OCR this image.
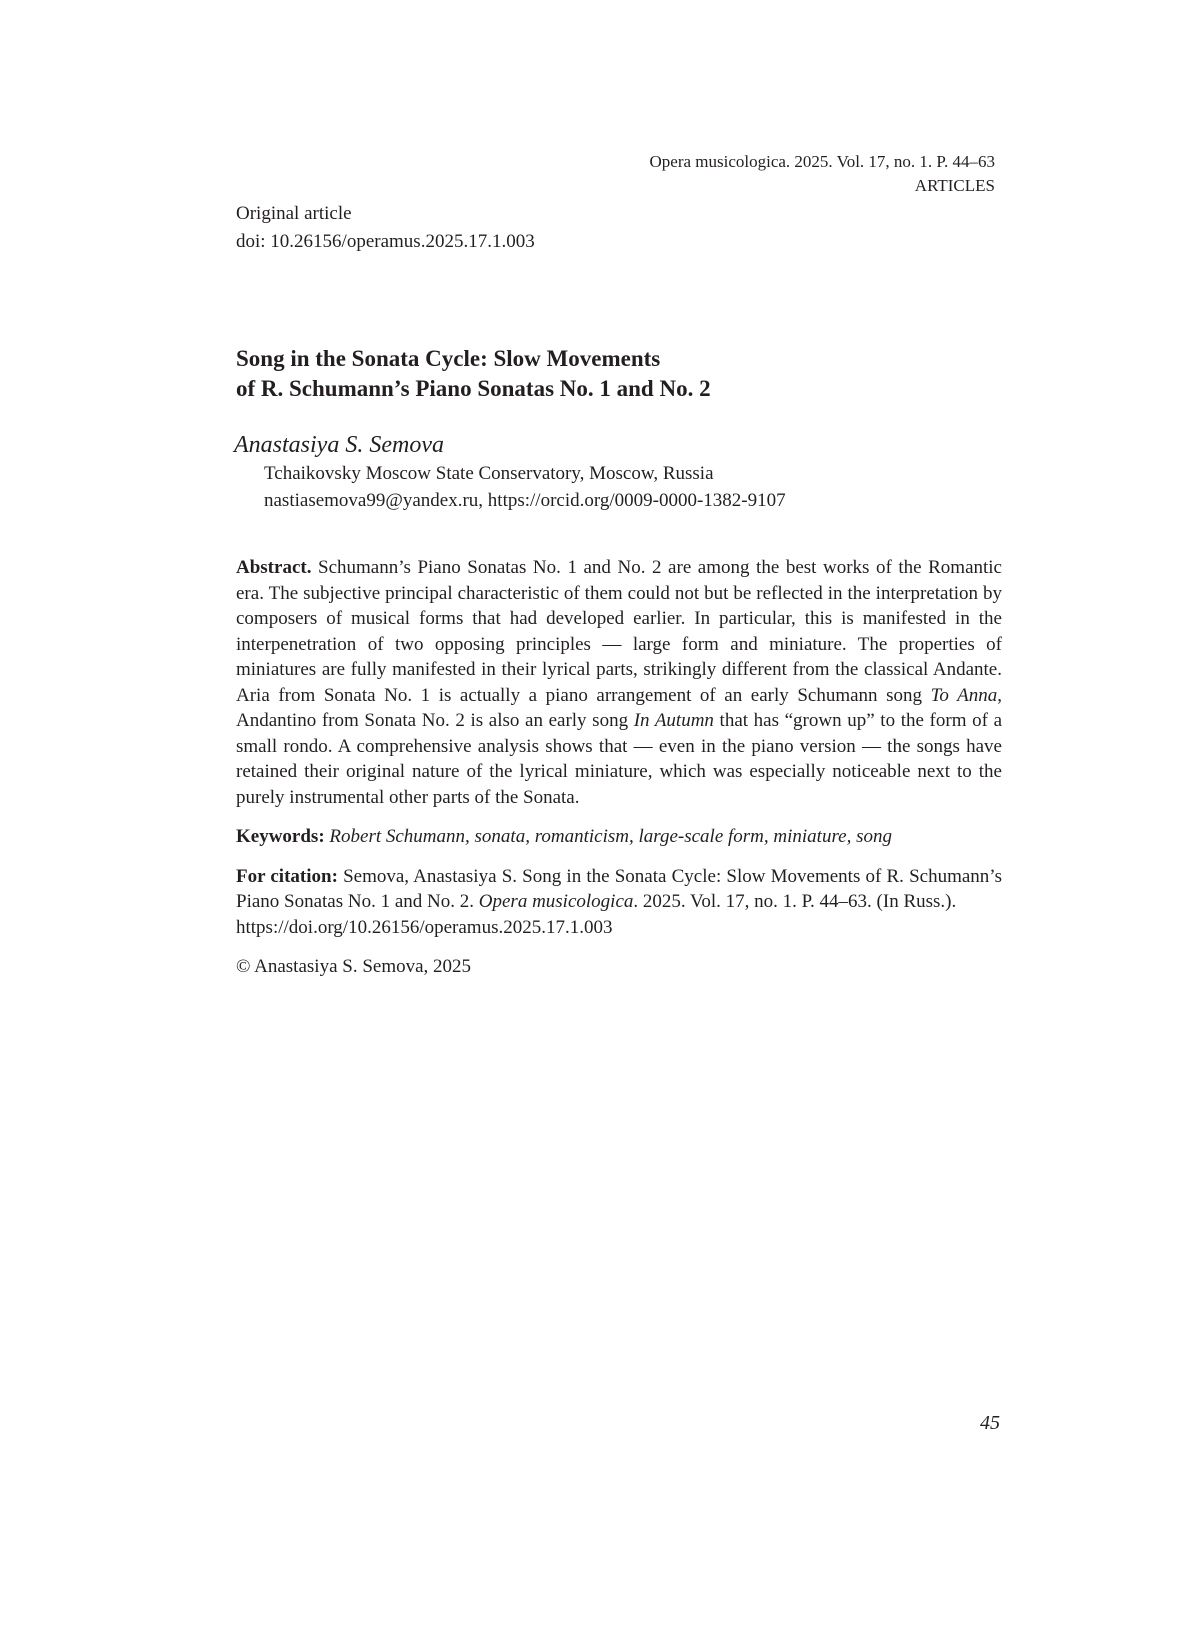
Opera musicologica. 2025. Vol. 17, no. 1. P. 44–63
ARTICLES
Original article
doi: 10.26156/operamus.2025.17.1.003
Song in the Sonata Cycle: Slow Movements
of R. Schumann’s Piano Sonatas No. 1 and No. 2
Anastasiya S. Semova
Tchaikovsky Moscow State Conservatory, Moscow, Russia
nastiasemova99@yandex.ru, https://orcid.org/0009-0000-1382-9107

Abstract. Schumann’s Piano Sonatas No. 1 and No. 2 are among the best works of the Romantic era. The subjective principal characteristic of them could not but be reflected in the interpretation by composers of musical forms that had developed earlier. In particular, this is manifested in the interpenetration of two opposing principles — large form and miniature. The properties of miniatures are fully manifested in their lyrical parts, strikingly different from the classical Andante. Aria from Sonata No. 1 is actually a piano arrangement of an early Schumann song To Anna, Andantino from Sonata No. 2 is also an early song In Autumn that has “grown up” to the form of a small rondo. A comprehensive analysis shows that — even in the piano version — the songs have retained their original nature of the lyrical miniature, which was especially noticeable next to the purely instrumental other parts of the Sonata.

Keywords: Robert Schumann, sonata, romanticism, large-scale form, miniature, song

For citation: Semova, Anastasiya S. Song in the Sonata Cycle: Slow Movements of R. Schumann’s Piano Sonatas No. 1 and No. 2. Opera musicologica. 2025. Vol. 17, no. 1. P. 44–63. (In Russ.).
https://doi.org/10.26156/operamus.2025.17.1.003

© Anastasiya S. Semova, 2025

45
